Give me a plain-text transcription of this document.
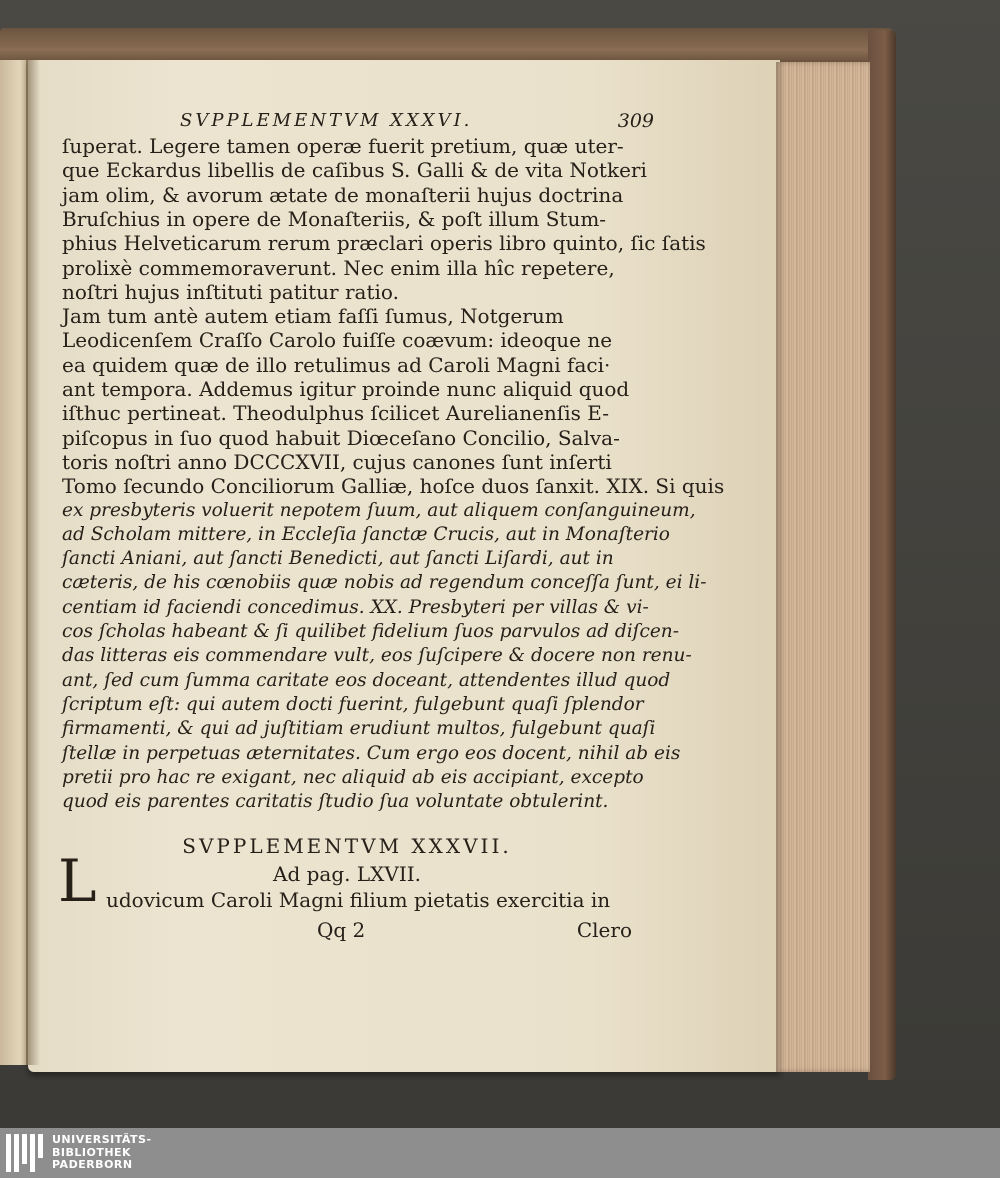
SVPPLEMENTVM XXXVI.	309
ſuperat. Legere tamen operæ fuerit pretium, quæ uter-
que Eckardus libellis de caſibus S. Galli & de vita Notkeri
jam olim, & avorum ætate de monaſterii hujus doctrina
Bruſchius in opere de Monaſteriis, & poſt illum Stum-
phius Helveticarum rerum præclari operis libro quinto, ſic ſatis
prolixè commemoraverunt. Nec enim illa hîc repetere,
noſtri hujus inſtituti patitur ratio.
Jam tum antè autem etiam faſſi ſumus, Notgerum
Leodicenſem Craſſo Carolo fuiſſe coævum: ideoque ne
ea quidem quæ de illo retulimus ad Caroli Magni faci·
ant tempora. Addemus igitur proinde nunc aliquid quod
iſthuc pertineat. Theodulphus ſcilicet Aurelianenſis E-
piſcopus in ſuo quod habuit Diœceſano Concilio, Salva-
toris noſtri anno DCCCXVII, cujus canones ſunt inſerti
Tomo ſecundo Conciliorum Galliæ, hoſce duos ſanxit. XIX. Si quis
ex presbyteris voluerit nepotem ſuum, aut aliquem conſanguineum,
ad Scholam mittere, in Eccleſia ſanctæ Crucis, aut in Monaſterio
ſancti Aniani, aut ſancti Benedicti, aut ſancti Liſardi, aut in
cæteris, de his cœnobiis quæ nobis ad regendum conceſſa ſunt, ei li-
centiam id faciendi concedimus. XX. Presbyteri per villas & vi-
cos ſcholas habeant & ſi quilibet fidelium ſuos parvulos ad diſcen-
das litteras eis commendare vult, eos ſuſcipere & docere non renu-
ant, ſed cum ſumma caritate eos doceant, attendentes illud quod
ſcriptum eſt: qui autem docti fuerint, fulgebunt quaſi ſplendor
firmamenti, & qui ad juſtitiam erudiunt multos, fulgebunt quaſi
ſtellæ in perpetuas æternitates. Cum ergo eos docent, nihil ab eis
pretii pro hac re exigant, nec aliquid ab eis accipiant, excepto
quod eis parentes caritatis ſtudio ſua voluntate obtulerint.
SVPPLEMENTVM XXXVII.
Ad pag. LXVII.
L udovicum Caroli Magni filium pietatis exercitia in
Qq 2	Clero
UNIVERSITÄTS-
BIBLIOTHEK
PADERBORN
